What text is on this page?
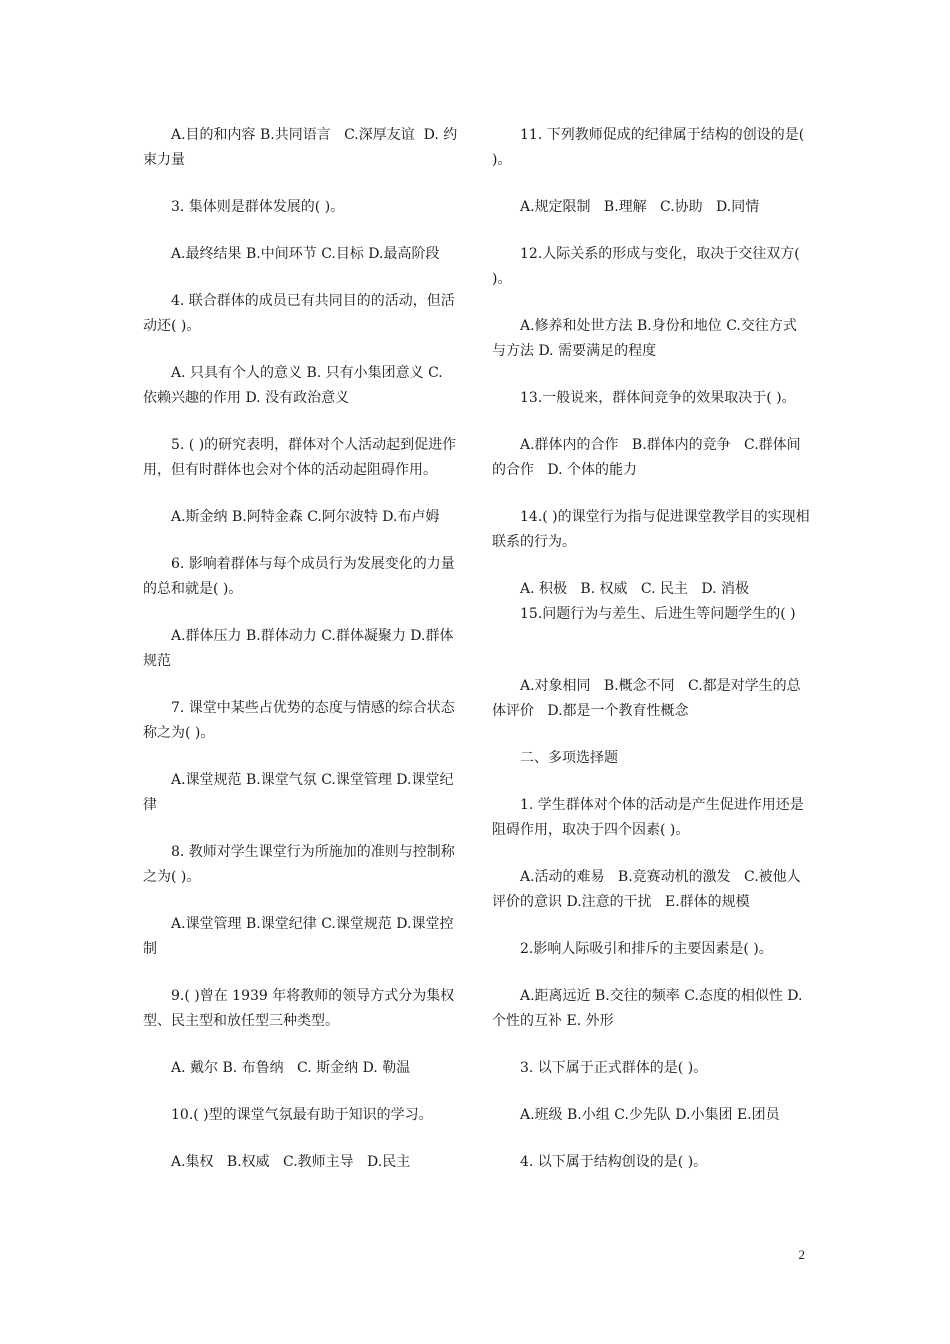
A.目的和内容 B.共同语言   C.深厚友谊  D. 约束力量

3. 集体则是群体发展的( )。

A.最终结果 B.中间环节 C.目标 D.最高阶段

4. 联合群体的成员已有共同目的的活动，但活动还( )。

A. 只具有个人的意义 B. 只有小集团意义 C. 依赖兴趣的作用 D. 没有政治意义

5. ( )的研究表明，群体对个人活动起到促进作用，但有时群体也会对个体的活动起阻碍作用。

A.斯金纳 B.阿特金森 C.阿尔波特 D.布卢姆

6. 影响着群体与每个成员行为发展变化的力量的总和就是( )。

A.群体压力 B.群体动力 C.群体凝聚力 D.群体规范

7. 课堂中某些占优势的态度与情感的综合状态称之为( )。

A.课堂规范 B.课堂气氛 C.课堂管理 D.课堂纪律

8. 教师对学生课堂行为所施加的准则与控制称之为( )。

A.课堂管理 B.课堂纪律 C.课堂规范 D.课堂控制

9.( )曾在 1939 年将教师的领导方式分为集权型、民主型和放任型三种类型。

A. 戴尔 B. 布鲁纳   C. 斯金纳 D. 勒温

10.( )型的课堂气氛最有助于知识的学习。

A.集权   B.权威   C.教师主导   D.民主

11. 下列教师促成的纪律属于结构的创设的是( )。

A.规定限制   B.理解   C.协助   D.同情

12.人际关系的形成与变化，取决于交往双方( )。

A.修养和处世方法 B.身份和地位 C.交往方式与方法 D. 需要满足的程度

13.一般说来，群体间竞争的效果取决于( )。

A.群体内的合作   B.群体内的竞争   C.群体间的合作   D. 个体的能力

14.( )的课堂行为指与促进课堂教学目的实现相联系的行为。

A. 积极   B. 权威   C. 民主   D. 消极

15.问题行为与差生、后进生等问题学生的( )

A.对象相同   B.概念不同   C.都是对学生的总体评价   D.都是一个教育性概念

二、多项选择题

1. 学生群体对个体的活动是产生促进作用还是阻碍作用，取决于四个因素( )。

A.活动的难易   B.竞赛动机的激发   C.被他人评价的意识 D.注意的干扰   E.群体的规模

2.影响人际吸引和排斥的主要因素是( )。

A.距离远近 B.交往的频率 C.态度的相似性 D. 个性的互补 E. 外形

3. 以下属于正式群体的是( )。

A.班级 B.小组 C.少先队 D.小集团 E.团员

4. 以下属于结构创设的是( )。

2
